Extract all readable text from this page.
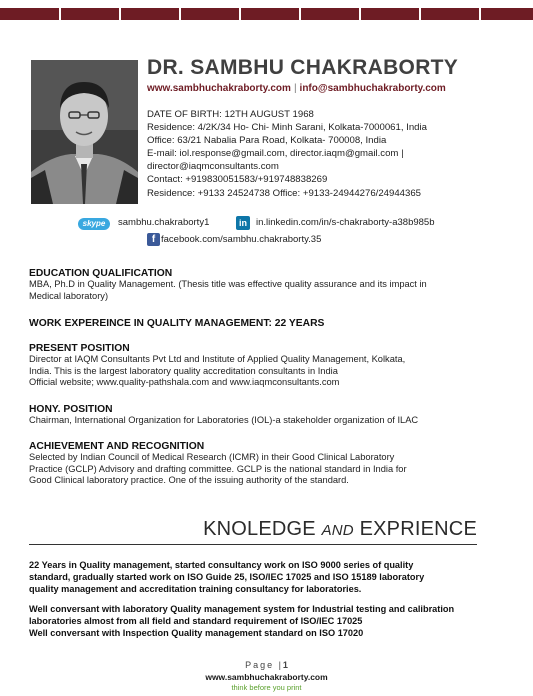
DR. SAMBHU CHAKRABORTY
www.sambhuchakraborty.com | info@sambhuchakraborty.com
DATE OF BIRTH: 12TH AUGUST 1968
Residence: 4/2K/34 Ho- Chi- Minh Sarani, Kolkata-7000061, India
Office: 63/21 Nabalia Para Road, Kolkata- 700008, India
E-mail: iol.response@gmail.com, director.iaqm@gmail.com |
director@iaqmconsultants.com
Contact: +919830051583/+919748838269
Residence: +9133 24524738 Office: +9133-24944276/24944365
skype	sambhu.chakraborty1	in in.linkedin.com/in/s-chakraborty-a38b985b
f facebook.com/sambhu.chakraborty.35

EDUCATION QUALIFICATION

MBA, Ph.D in Quality Management. (Thesis title was effective quality assurance and its impact in
Medical laboratory)

WORK EXPEREINCE IN QUALITY MANAGEMENT: 22 YEARS

PRESENT POSITION

Director at IAQM Consultants Pvt Ltd and Institute of Applied Quality Management, Kolkata,
India. This is the largest laboratory quality accreditation consultants in India
Official website; www.quality-pathshala.com and www.iaqmconsultants.com

HONY. POSITION

Chairman, International Organization for Laboratories (IOL)-a stakeholder organization of ILAC

ACHIEVEMENT AND RECOGNITION

Selected by Indian Council of Medical Research (ICMR) in their Good Clinical Laboratory
Practice (GCLP) Advisory and drafting committee. GCLP is the national standard in India for
Good Clinical laboratory practice. One of the issuing authority of the standard.
KNOLEDGE AND EXPRIENCE
22 Years in Quality management, started consultancy work on ISO 9000 series of quality
standard, gradually started work on ISO Guide 25, ISO/IEC 17025 and ISO 15189 laboratory
quality management and accreditation training consultancy for laboratories.
Well conversant with laboratory Quality management system for Industrial testing and calibration
laboratories almost from all field and standard requirement of ISO/IEC 17025
Well conversant with Inspection Quality management standard on ISO 17020
Page |1
www.sambhuchakraborty.com
think before you print
